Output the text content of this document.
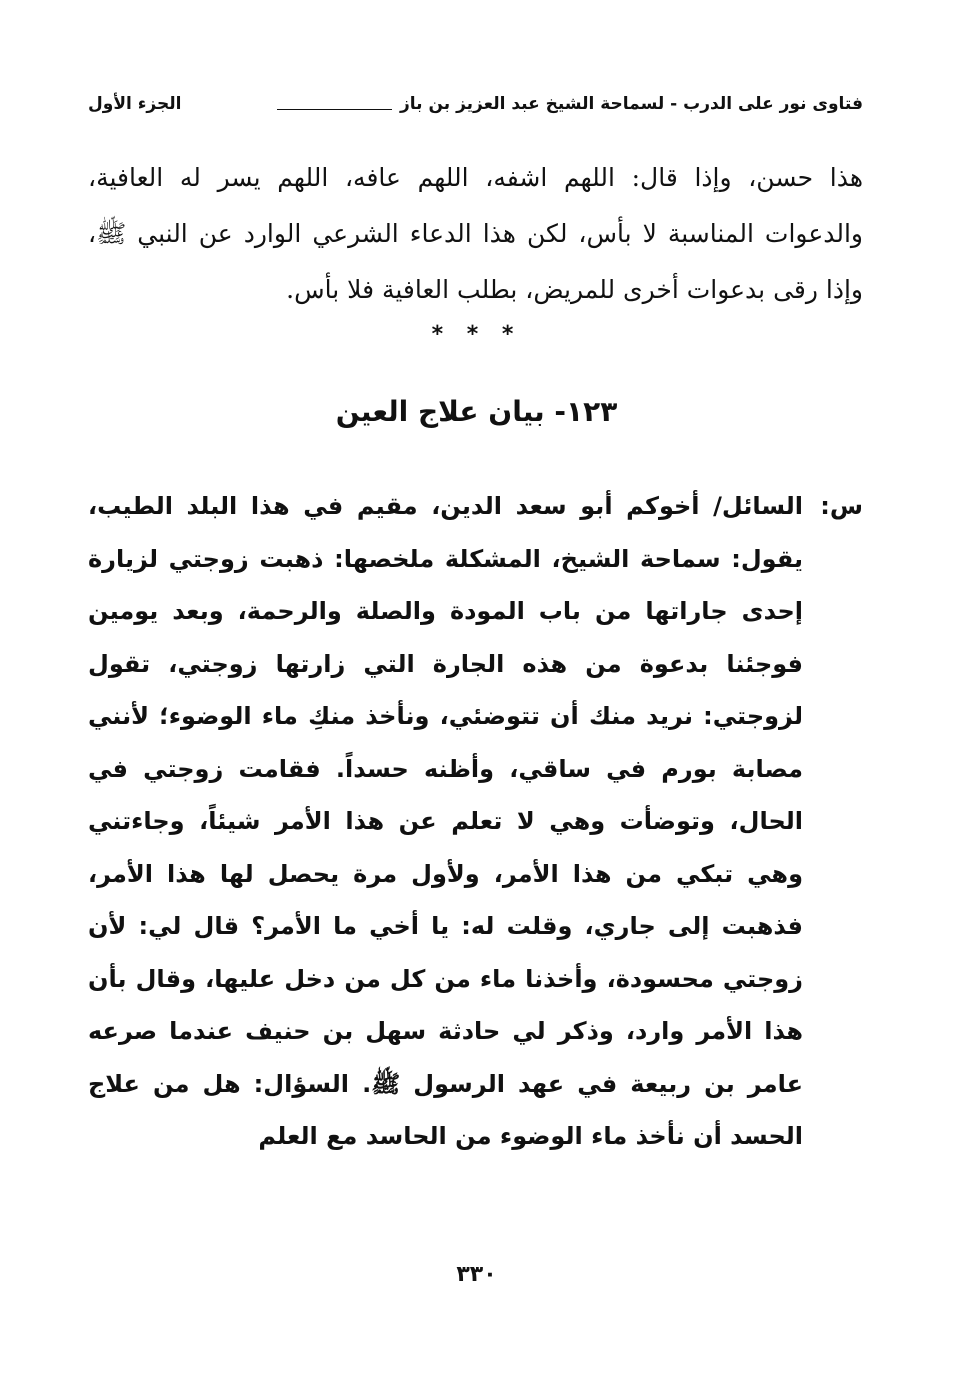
فتاوى نور على الدرب - لسماحة الشيخ عبد العزيز بن باز
الجزء الأول

هذا حسن، وإذا قال: اللهم اشفه، اللهم عافه، اللهم يسر له العافية، والدعوات المناسبة لا بأس، لكن هذا الدعاء الشرعي الوارد عن النبي ﷺ، وإذا رقى بدعوات أخرى للمريض، بطلب العافية فلا بأس.

* * *
١٢٣- بيان علاج العين
س:

السائل/ أخوكم أبو سعد الدين، مقيم في هذا البلد الطيب، يقول: سماحة الشيخ، المشكلة ملخصها: ذهبت زوجتي لزيارة إحدى جاراتها من باب المودة والصلة والرحمة، وبعد يومين فوجئنا بدعوة من هذه الجارة التي زارتها زوجتي، تقول لزوجتي: نريد منك أن تتوضئي، ونأخذ منكِ ماء الوضوء؛ لأنني مصابة بورم في ساقي، وأظنه حسداً. فقامت زوجتي في الحال، وتوضأت وهي لا تعلم عن هذا الأمر شيئاً، وجاءتني وهي تبكي من هذا الأمر، ولأول مرة يحصل لها هذا الأمر، فذهبت إلى جاري، وقلت له: يا أخي ما الأمر؟ قال لي: لأن زوجتي محسودة، وأخذنا ماء من كل من دخل عليها، وقال بأن هذا الأمر وارد، وذكر لي حادثة سهل بن حنيف عندما صرعه عامر بن ربيعة في عهد الرسول ﷺ. السؤال: هل من علاج الحسد أن نأخذ ماء الوضوء من الحاسد مع العلم

٣٣٠
